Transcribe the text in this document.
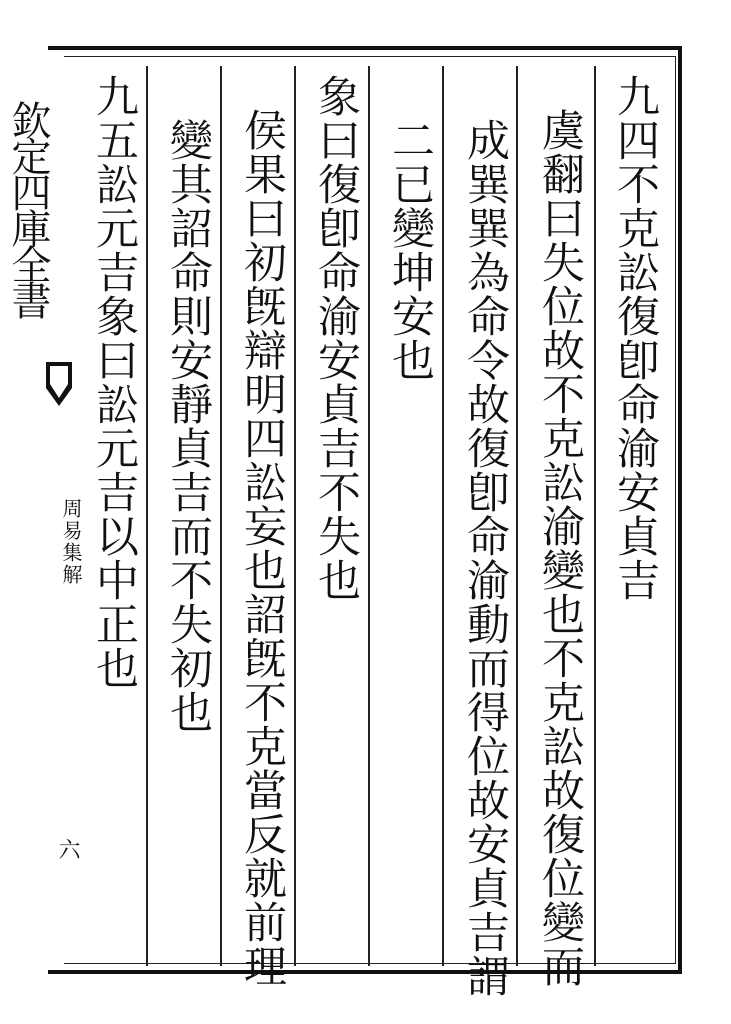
欽定四庫全書
周易集解
六
九四不克訟復卽命渝安貞吉
虞翻曰失位故不克訟渝變也不克訟故復位變而
成巽巽為命令故復卽命渝動而得位故安貞吉謂
二已變坤安也
象曰復卽命渝安貞吉不失也
侯果曰初旣辯明四訟妄也詔旣不克當反就前理
變其詔命則安靜貞吉而不失初也
九五訟元吉象曰訟元吉以中正也
